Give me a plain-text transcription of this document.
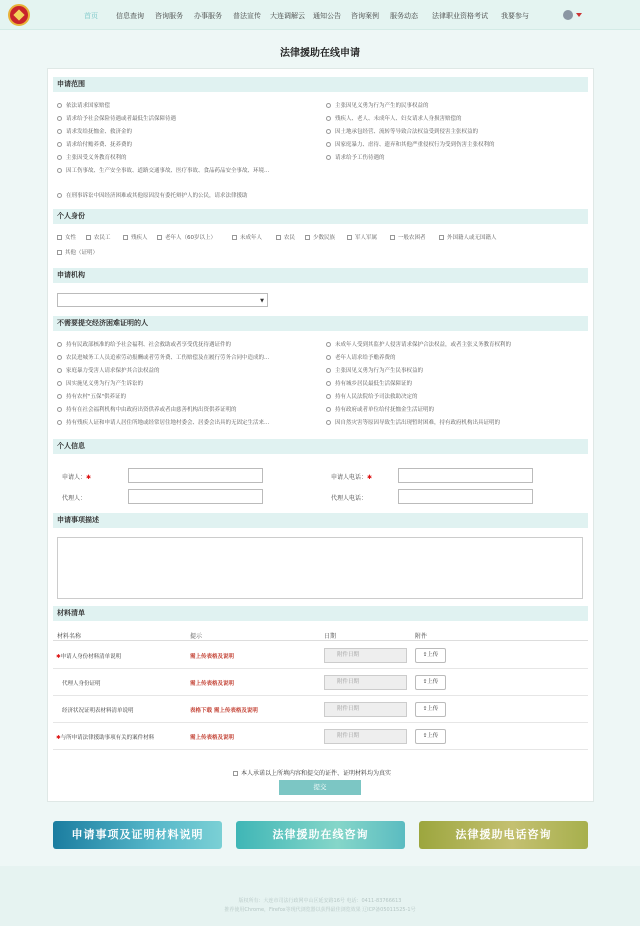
首页	信息查询 咨询服务 办事服务 普法宣传 大连调解云 通知公告 咨询案例 服务动态 法律职业资格考试 我要参与

法律援助在线申请
申请范围
依法请求国家赔偿
请求给予社会保险待遇或者最低生活保障待遇
请求发给抚恤金、救济金的
请求给付赡养费、抚养费的
主张因受义务教育权利的
因工伤事故、生产安全事故、道路交通事故、医疗事故、食品药品安全事故、环境...
主张因见义勇为行为产生的民事权益的
残疾人、老人、未成年人、妇女请求人身损害赔偿的
因土地承包经营、流转等导致合法权益受到侵害主张权益的
因家庭暴力、虐待、遗弃和其他严重侵权行为受到伤害主张权利的
请求给予工伤待遇的
在刑事诉讼中因经济困难或其他原因没有委托辩护人的公民，请求法律援助
个人身份
女性	农民工	残疾人	老年人（60岁以上）	未成年人	农民	少数民族	军人军属	一般农困者	外国籍人或无国籍人
其他（证明）
申请机构
▼
不需要提交经济困难证明的人
持有民政部核准的给予社会福利、社会救助或者享受优抚待遇证件的
农民进城务工人员追索劳动报酬或者劳务费、工伤赔偿及在履行劳务合同中造成的...
家庭暴力受害人请求保护其合法权益的
因实施见义勇为行为产生诉讼的
持有农村"五保"供养证的
持有在社会福利机构中由政府出资供养或者由慈善机构出资供养证明的
持有残疾人证和申请人居住所地或经常居住地村委会、居委会出具的无固定生活来...
未成年人受到其监护人侵害请求保护合法权益，或者主张义务教育权利的
老年人请求给予赡养费的
主张因见义勇为行为产生民事权益的
持有城乡居民最低生活保障证的
持有人民法院给予司法救助决定的
持有政府或者单位给付抚恤金生活证明的
因自然灾害等原因导致生活出现暂时困难，持有政府机构出具证明的
个人信息
申请人：✱	申请人电话：✱
代理人：	代理人电话：
申请事项描述
材料清单
材料名称	提示	日期	附件
✱申请人身份材料清单说明	需上传表格及说明	附件日期	⇪上传
代理人身份证明	需上传表格及说明	附件日期	⇪上传
经济状况证明表材料清单说明	表格下载 需上传表格及说明	附件日期	⇪上传
✱与所申请法律援助事项有关的案件材料	需上传表格及说明	附件日期	⇪上传
本人承诺以上所填内容和提交的证件、证明材料均为真实
提交
申请事项及证明材料说明	法律援助在线咨询	法律援助电话咨询
版权所有：大连市司法行政网中山区延安路16号 电话：0411-83766613
推荐使用Chrome，Firefox等现代浏览器以获得最佳浏览效果 辽ICP备05011525-1号
